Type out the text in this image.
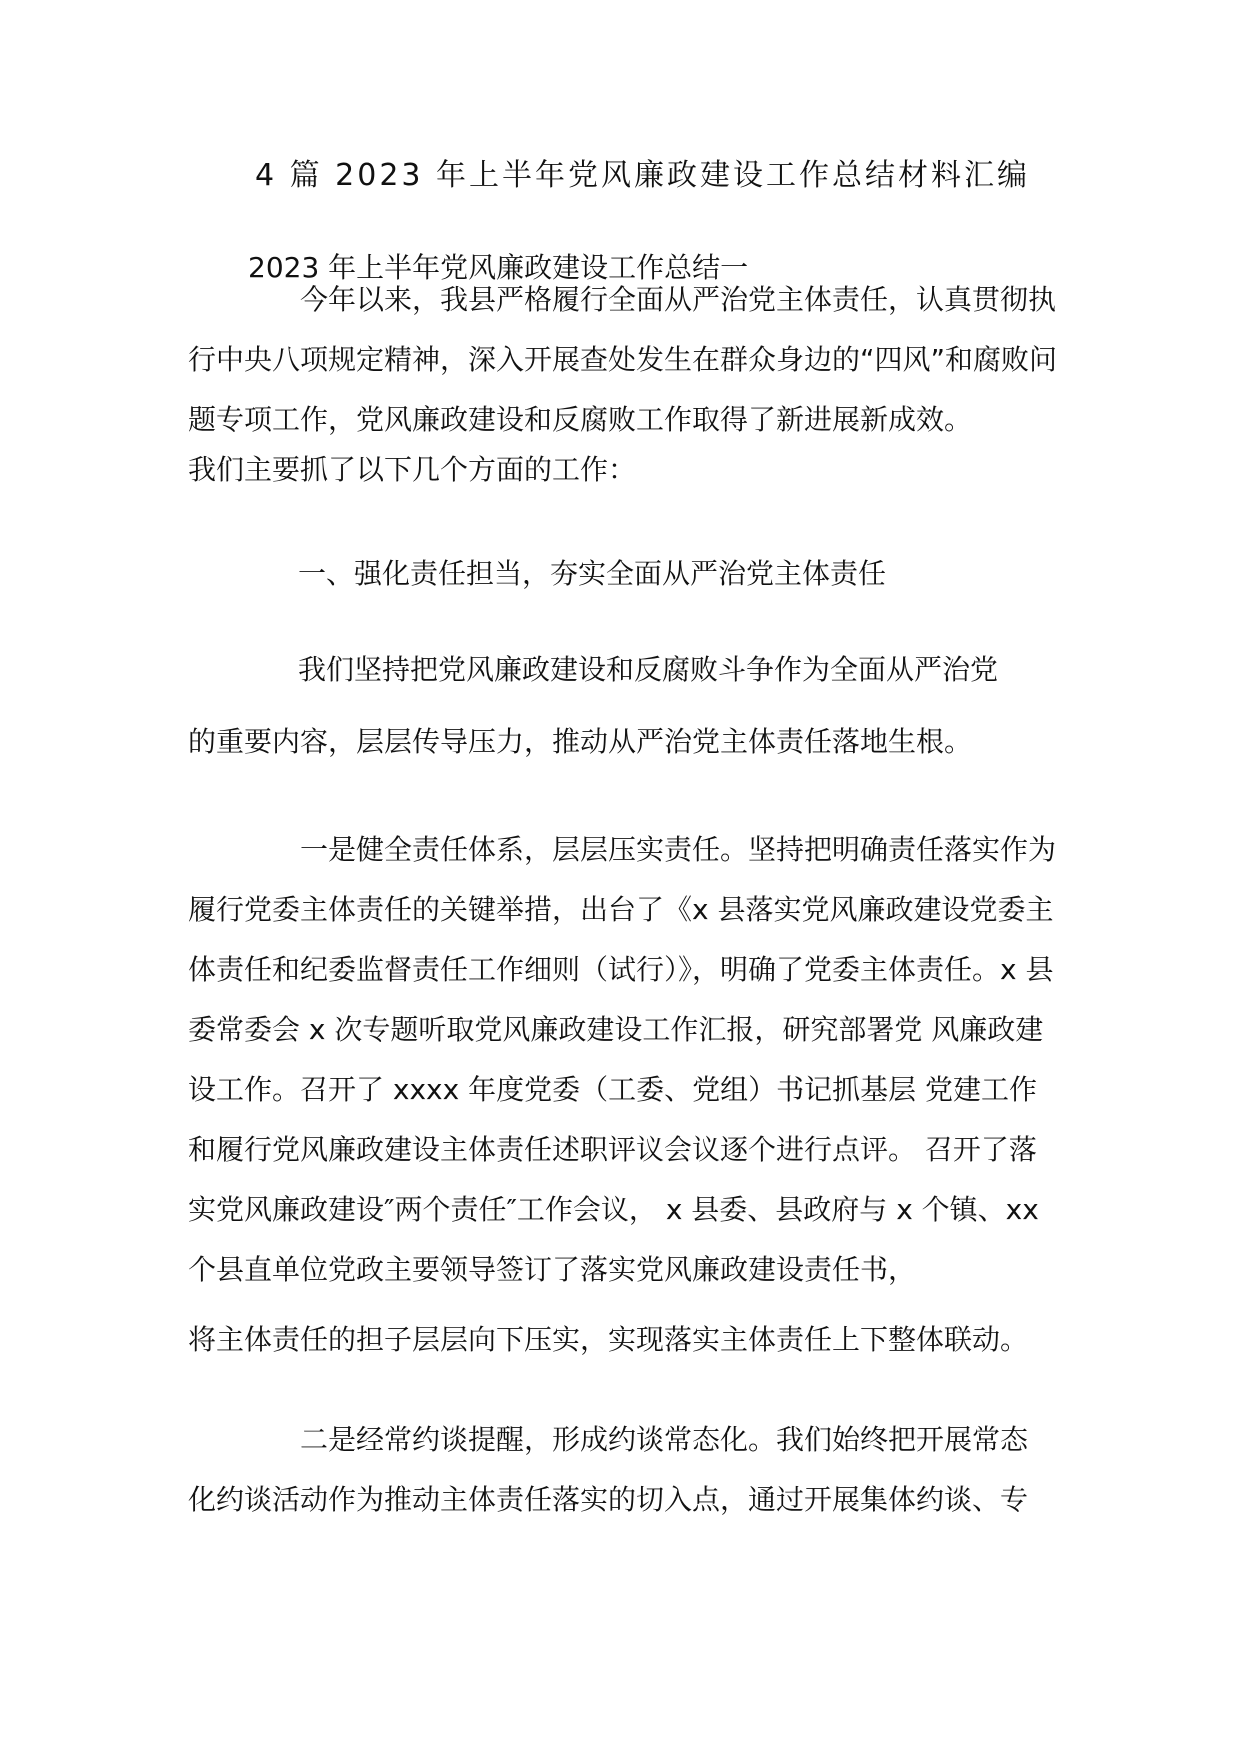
4 篇 2023 年上半年党风廉政建设工作总结材料汇编
2023 年上半年党风廉政建设工作总结一
今年以来，我县严格履行全面从严治党主体责任，认真贯彻执行中央八项规定精神，深入开展查处发生在群众身边的“四风”和腐败问题专项工作，党风廉政建设和反腐败工作取得了新进展新成效。
我们主要抓了以下几个方面的工作：
一、强化责任担当，夯实全面从严治党主体责任
我们坚持把党风廉政建设和反腐败斗争作为全面从严治党
的重要内容，层层传导压力，推动从严治党主体责任落地生根。
一是健全责任体系，层层压实责任。坚持把明确责任落实作为履行党委主体责任的关键举措，出台了《x 县落实党风廉政建设党委主体责任和纪委监督责任工作细则（试行）》，明确了党委主体责任。x 县委常委会 x 次专题听取党风廉政建设工作汇报，研究部署党 风廉政建设工作。召开了 xxxx 年度党委（工委、党组）书记抓基层 党建工作和履行党风廉政建设主体责任述职评议会议逐个进行点评。 召开了落实党风廉政建设″两个责任″工作会议， x 县委、县政府与 x 个镇、xx 个县直单位党政主要领导签订了落实党风廉政建设责任书，
将主体责任的担子层层向下压实，实现落实主体责任上下整体联动。
二是经常约谈提醒，形成约谈常态化。我们始终把开展常态 化约谈活动作为推动主体责任落实的切入点，通过开展集体约谈、专
